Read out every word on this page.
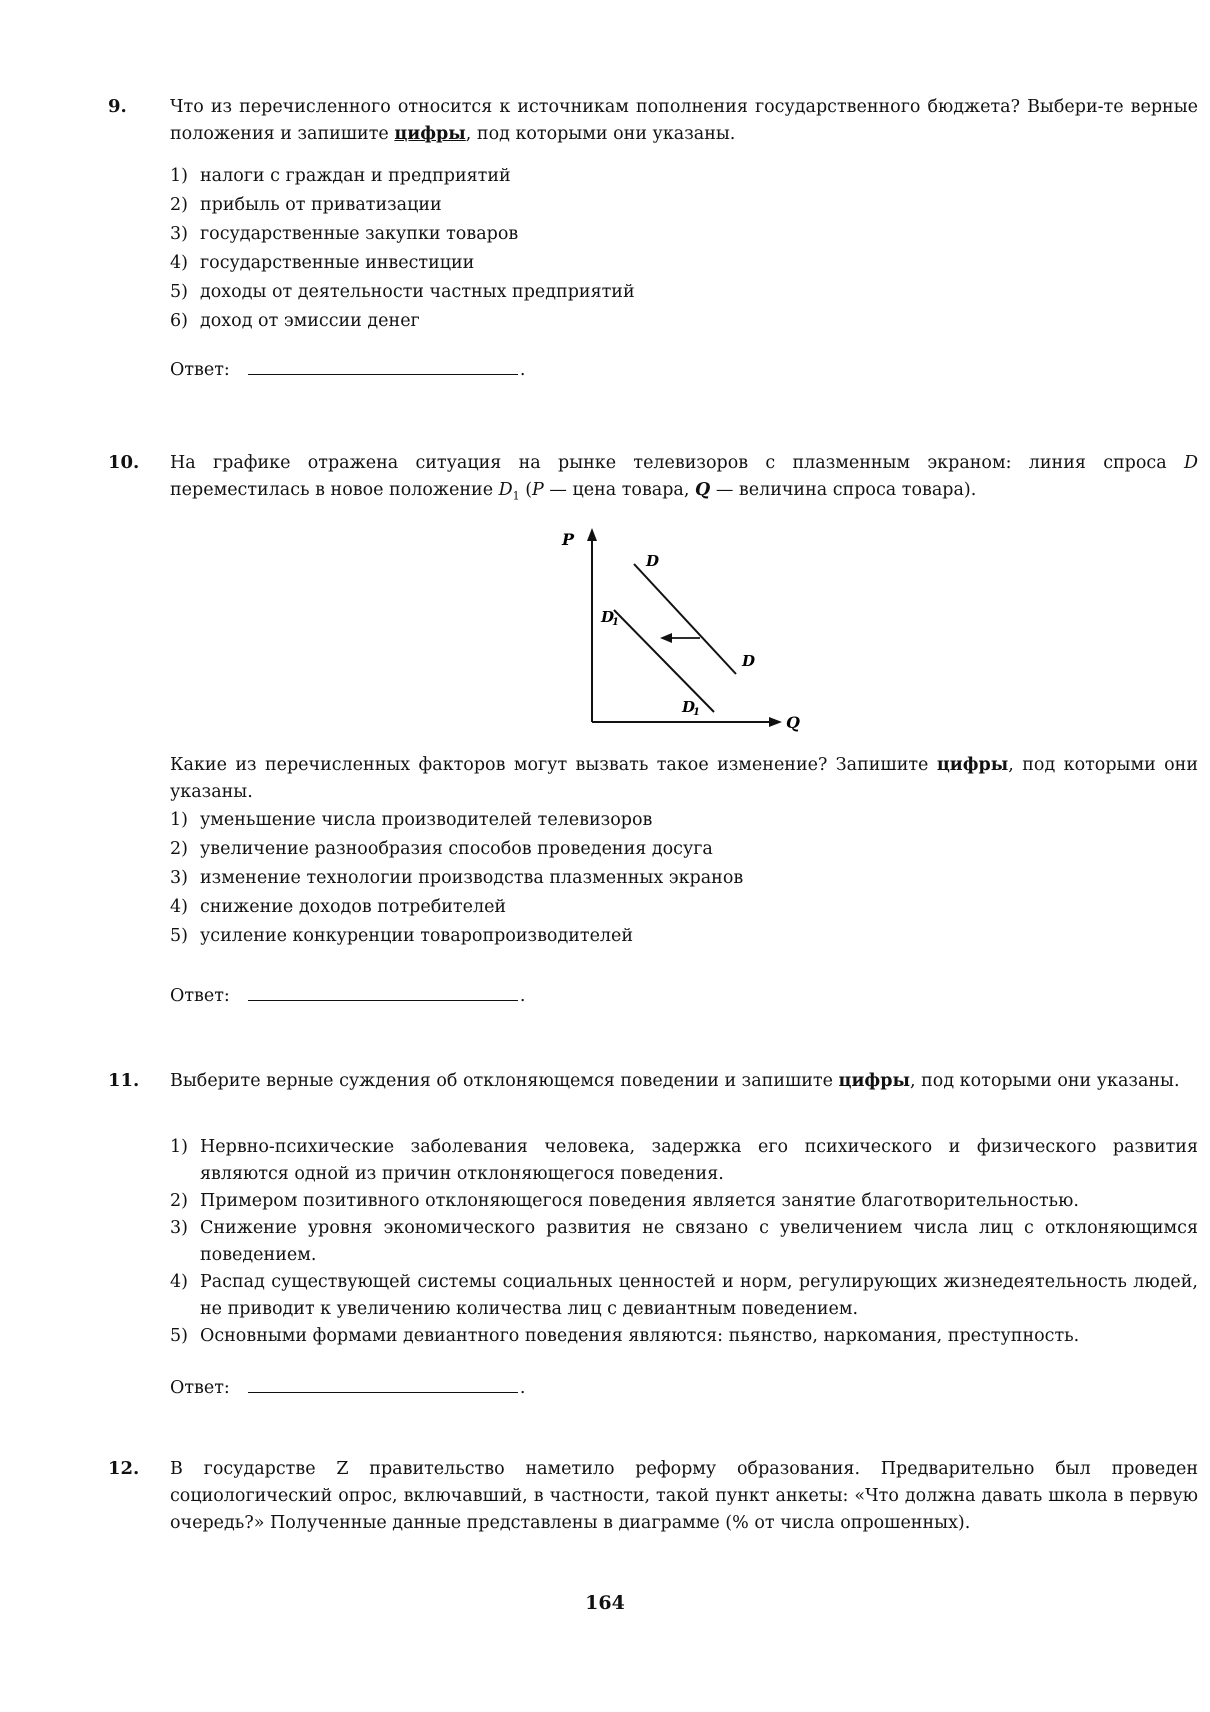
9. Что из перечисленного относится к источникам пополнения государственного бюджета? Выбери-те верные положения и запишите цифры, под которыми они указаны.
1) налоги с граждан и предприятий
2) прибыль от приватизации
3) государственные закупки товаров
4) государственные инвестиции
5) доходы от деятельности частных предприятий
6) доход от эмиссии денег
Ответ:	.
10. На графике отражена ситуация на рынке телевизоров с плазменным экраном: линия спроса D переместилась в новое положение $D_1$ (P — цена товара, Q — величина спроса товара).
P
Q
D
D
D
1
D
1
Какие из перечисленных факторов могут вызвать такое изменение? Запишите цифры, под которыми они указаны.
1) уменьшение числа производителей телевизоров
2) увеличение разнообразия способов проведения досуга
3) изменение технологии производства плазменных экранов
4) снижение доходов потребителей
5) усиление конкуренции товаропроизводителей
Ответ:	.
11. Выберите верные суждения об отклоняющемся поведении и запишите цифры, под которыми они указаны.
1) Нервно-психические заболевания человека, задержка его психического и физического развития являются одной из причин отклоняющегося поведения.
2) Примером позитивного отклоняющегося поведения является занятие благотворительностью.
3) Снижение уровня экономического развития не связано с увеличением числа лиц с отклоняющимся поведением.
4) Распад существующей системы социальных ценностей и норм, регулирующих жизнедеятельность людей, не приводит к увеличению количества лиц с девиантным поведением.
5) Основными формами девиантного поведения являются: пьянство, наркомания, преступность.
Ответ:	.
12. В государстве Z правительство наметило реформу образования. Предварительно был проведен социологический опрос, включавший, в частности, такой пункт анкеты: «Что должна давать школа в первую очередь?» Полученные данные представлены в диаграмме (% от числа опрошенных).
164
